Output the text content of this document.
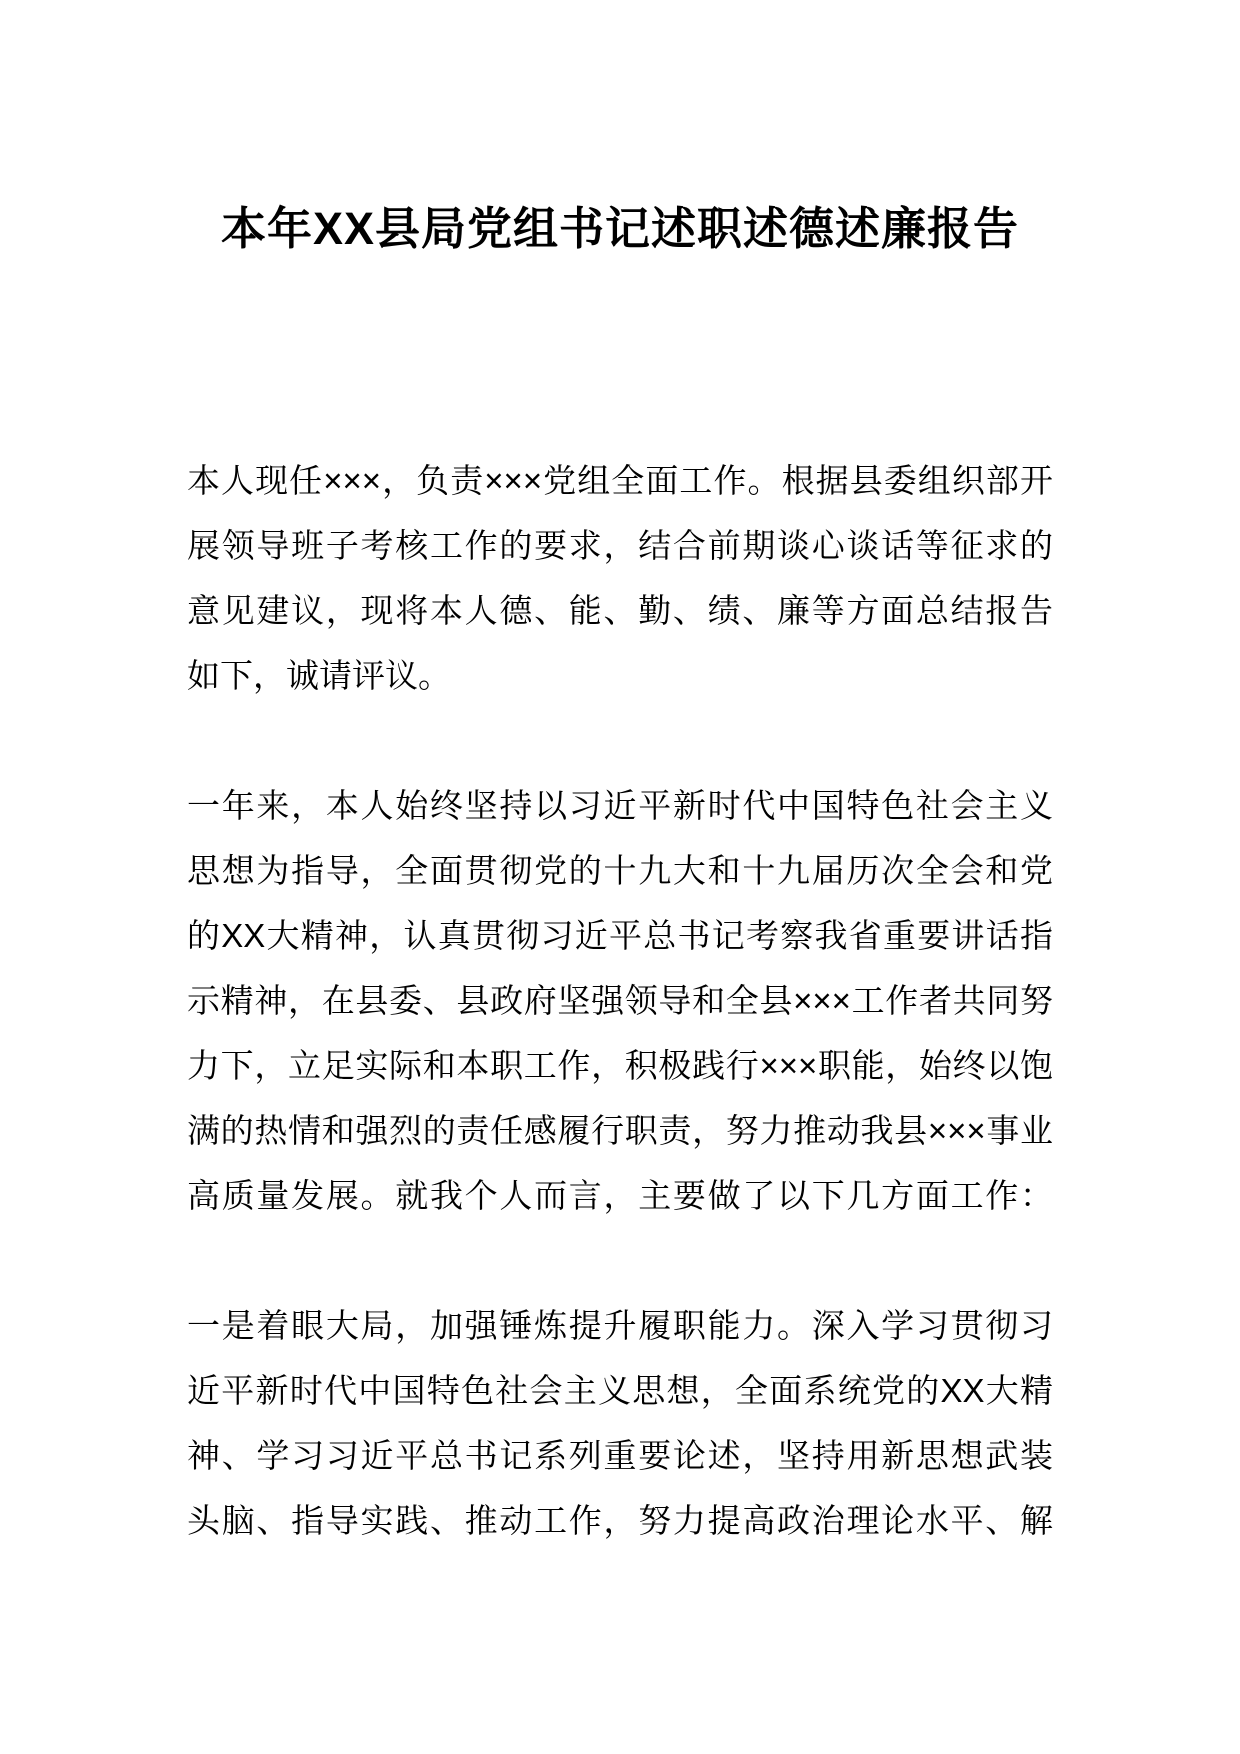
本年XX县局党组书记述职述德述廉报告
本人现任×××，负责×××党组全面工作。根据县委组织部开
展领导班子考核工作的要求，结合前期谈心谈话等征求的
意见建议，现将本人德、能、勤、绩、廉等方面总结报告
如下，诚请评议。
一年来，本人始终坚持以习近平新时代中国特色社会主义
思想为指导，全面贯彻党的十九大和十九届历次全会和党
的XX大精神，认真贯彻习近平总书记考察我省重要讲话指
示精神，在县委、县政府坚强领导和全县×××工作者共同努
力下，立足实际和本职工作，积极践行×××职能，始终以饱
满的热情和强烈的责任感履行职责，努力推动我县×××事业
高质量发展。就我个人而言，主要做了以下几方面工作：
一是着眼大局，加强锤炼提升履职能力。深入学习贯彻习
近平新时代中国特色社会主义思想，全面系统党的XX大精
神、学习习近平总书记系列重要论述，坚持用新思想武装
头脑、指导实践、推动工作，努力提高政治理论水平、解
